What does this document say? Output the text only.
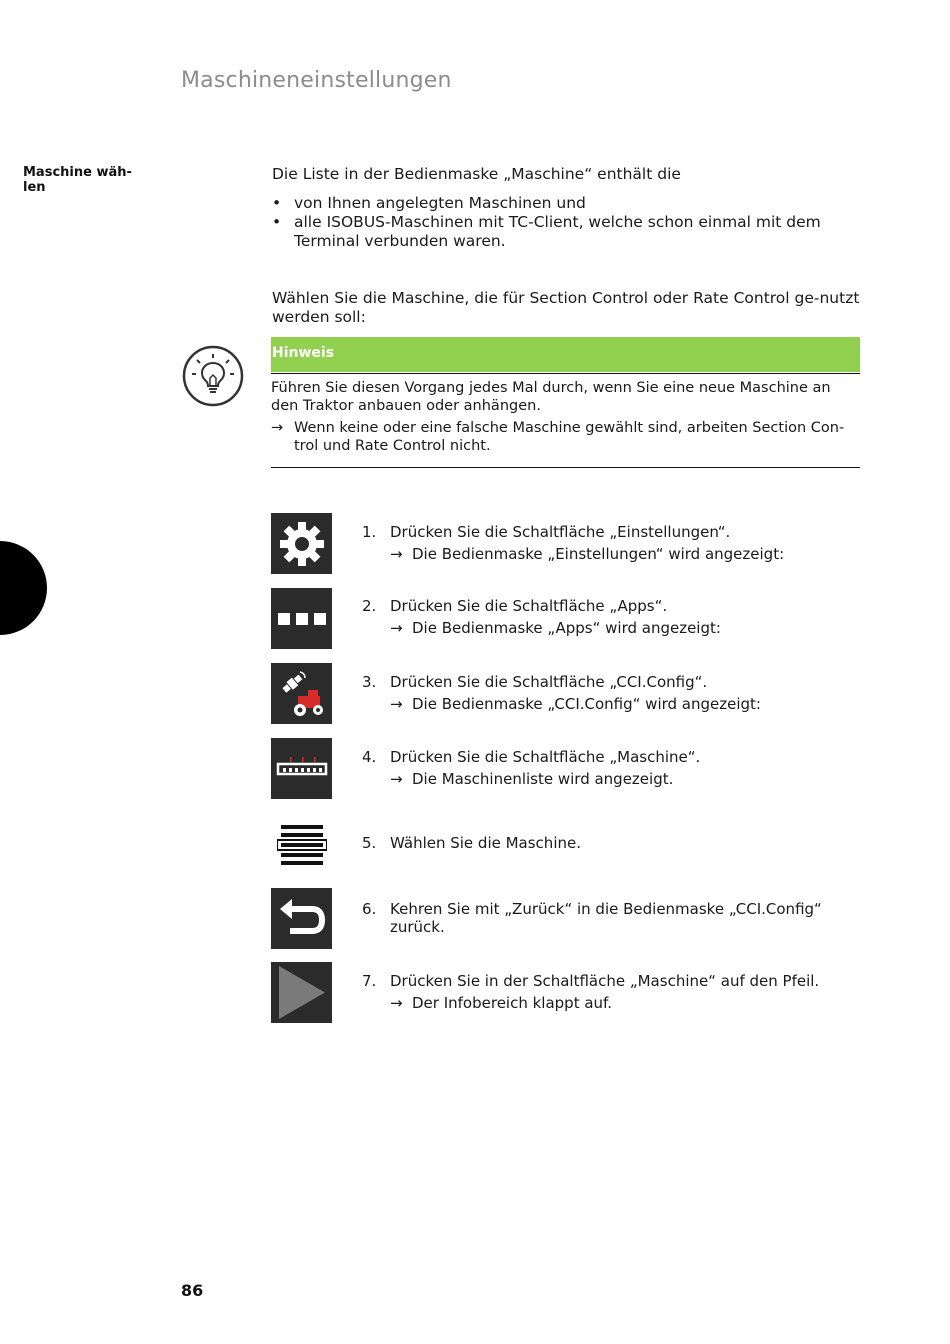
Maschineneinstellungen
Maschine wäh-
len
Die Liste in der Bedienmaske „Maschine“ enthält die
• von Ihnen angelegten Maschinen und
• alle ISOBUS-Maschinen mit TC-Client, welche schon einmal mit dem Terminal verbunden waren.
Wählen Sie die Maschine, die für Section Control oder Rate Control ge-nutzt werden soll:
Hinweis
Führen Sie diesen Vorgang jedes Mal durch, wenn Sie eine neue Maschine an den Traktor anbauen oder anhängen.
→ Wenn keine oder eine falsche Maschine gewählt sind, arbeiten Section Con-trol und Rate Control nicht.
1. Drücken Sie die Schaltfläche „Einstellungen“.
→ Die Bedienmaske „Einstellungen“ wird angezeigt:
2. Drücken Sie die Schaltfläche „Apps“.
→ Die Bedienmaske „Apps“ wird angezeigt:
3. Drücken Sie die Schaltfläche „CCI.Config“.
→ Die Bedienmaske „CCI.Config“ wird angezeigt:
4. Drücken Sie die Schaltfläche „Maschine“.
→ Die Maschinenliste wird angezeigt.
5. Wählen Sie die Maschine.
6. Kehren Sie mit „Zurück“ in die Bedienmaske „CCI.Config“ zurück.
7. Drücken Sie in der Schaltfläche „Maschine“ auf den Pfeil.
→ Der Infobereich klappt auf.
86
